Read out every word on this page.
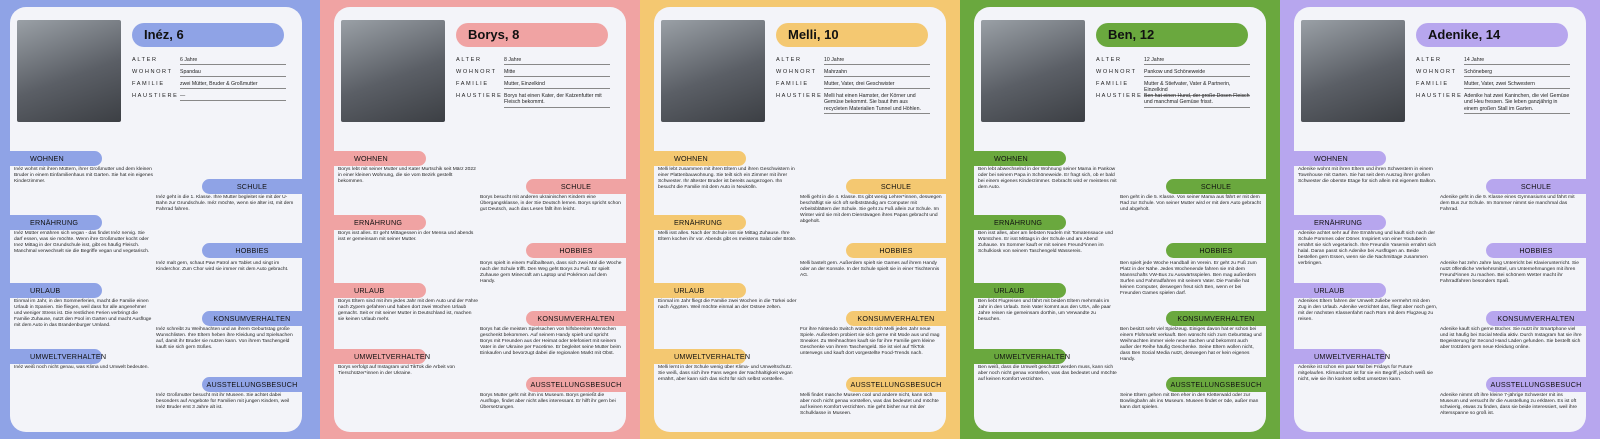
Inéz, 6
ALTER	6 Jahre
WOHNORT	Spandau
FAMILIE	zwei Mütter, Bruder & Großmutter
HAUSTIERE —
WOHNEN
Inéz wohnt mit ihren Müttern, ihrer Großmutter und dem kleinen Bruder in einem Einfamilienhaus mit Garten. Sie hat ein eigenes Kinderzimmer.
SCHULE
Inéz geht in die 1. Klasse. Ihre Mutter begleitet sie mit der U-Bahn zur Grundschule. Inéz möchte, wenn sie älter ist, mit dem Fahrrad fahren.
ERNÄHRUNG
Inéz Mütter ernähren sich vegan - das findet Inéz nervig. Sie darf essen, was sie möchte. Wenn ihre Großmutter kocht oder Inez Mittag in der Grundschule isst, gibt es häufig Fleisch. Manchmal verwechselt sie die Begriffe vegan und vegetarisch.	HOBBIES
Inéz malt gern, schaut Paw Patrol am Tablet und singt im Kinderchor. Zum Chor wird sie immer mit dem Auto gebracht.
URLAUB
Einmal im Jahr, in den Sommerferien, macht die Familie einen Urlaub in Spanien. Sie fliegen, weil dass für alle angenehmer und weniger Stress ist. Die restlichen Ferien verbringt die Familie Zuhause, nutzt den Pool im Garten und macht Ausflüge mit dem Auto in das Brandenburger Umland.
KONSUMVERHALTEN
Inéz schreibt zu Weihnachten und an ihrem Geburtstag große Wunschlisten. Ihre Eltern heben ihre Kleidung und Spielsachen auf, damit ihr Bruder sie nutzen kann. Von ihrem Taschengeld kauft sie sich gern Süßes.
UMWELTVERHALTEN
Inéz weiß noch nicht genau, was Klima und Umwelt bedeuten.
AUSSTELLUNGSBESUCH
Inéz Großmutter besucht mit ihr Museen. Sie achtet dabei besonders auf Angebote für Familien mit jungen Kindern, weil Inéz Bruder erst 3 Jahre alt ist.
Borys, 8
ALTER	8 Jahre
WOHNORT	Mitte
FAMILIE	Mutter, Einzelkind
HAUSTIERE Borys hat einen Kater, der Katzenfutter mit Fleisch bekommt.
WOHNEN
Borys lebt mit seiner Mutter und Kater Murtschik seit März 2022 in einer kleinen Wohnung, die sie vom Bezirk gestellt bekommen.
SCHULE
Borys besucht mit anderen ukrainischen Kindern eine Übergangsklasse, in der Sie Deutsch lernen. Borys spricht schon gut Deutsch, auch das Lesen fällt ihm leicht.
ERNÄHRUNG
Borys isst alles. Er geht Mittagessen in der Mensa und abends isst er gemeinsam mit seiner Mutter.
HOBBIES
Borys spielt in einem Fußballteam, dass sich zwei Mal die Woche nach der Schule trifft. Den Weg geht Borys zu Fuß. Er spielt Zuhause gern Minecraft am Laptop und Pokémon auf dem Handy.
URLAUB
Borys Eltern sind mit ihm jedes Jahr mit dem Auto und der Fähre nach Zypern gefahren und haben dort zwei Wochen Urlaub gemacht. Seit er mit seiner Mutter in Deutschland ist, machen sie keinen Urlaub mehr.	KONSUMVERHALTEN
Borys hat die meisten Spielsachen von hilfsbereiten Menschen geschenkt bekommen. Auf seinem Handy spielt und spricht Borys mit Freunden aus der Heimat oder telefoniert mit seinem Vater in der Ukraine per Facetime. Er begleitet seine Mutter beim Einkaufen und bevorzugt dabei die regionalen Markt mit Obst.
UMWELTVERHALTEN
Borys verfolgt auf Instagram und TikTok die Arbeit von Tierschützer*innen in der Ukraine.
AUSSTELLUNGSBESUCH
Borys Mutter geht mit ihm ins Museum. Borys genießt die Ausflüge, findet aber nicht alles interessant. Er hilft ihr gern bei Übersetzungen.
Melli, 10
ALTER	10 Jahre
WOHNORT	Mahrzahn
FAMILIE	Mutter, Vater, drei Geschwister
HAUSTIERE Melli hat einen Hamster, der Körner und Gemüse bekommt. Sie baut ihm aus recycleten Materialien Tunnel und Höhlen.
WOHNEN
Melli lebt zusammen mit ihren Eltern und ihren Geschwistern in einer Plattenbauwohnung. Sie teilt sich ein Zimmer mit ihrer Schwester. Ihr ältester Bruder ist bereits ausgezogen. Ihn besucht die Familie mit dem Auto in Neukölln.	SCHULE
Melli geht in die 4. Klasse. Es gibt wenig Lehrer*innen, deswegen beschäftigt sie sich oft selbstständig am Computer mit Arbeitsblättern der Schule. Sie geht zu Fuß allein zur Schule. Im Winter wird sie mit dem Dienstwagen ihres Papas gebracht und abgeholt.
ERNÄHRUNG
Melli isst alles. Nach der Schule isst sie Mittag Zuhause. Ihre Eltern kochen ihr vor. Abends gibt es meistens Salat oder Brote.
HOBBIES
Melli bastelt gern. Außerdem spielt sie Games auf ihrem Handy oder an der Konsole. In der Schule spielt sie in einer Tischtennis AG.
URLAUB
Einmal im Jahr fliegt die Familie zwei Wochen in die Türkei oder nach Ägypten. Weil möchte einmal an der Ostsee zelten.
KONSUMVERHALTEN
Für ihre Nintendo Switch wünscht sich Melli jedes Jahr neue Spiele. Außerdem probiert sie sich gerne mit Mode aus und mag Sneaker. Zu Weihnachten kauft sie für ihre Familie gern kleine Geschenke von ihrem Taschengeld. Sie ist viel auf TikTok unterwegs und kauft dort vorgestellte Food-Trends nach.
UMWELTVERHALTEN
Melli lernt in der Schule wenig über Klima- und Umweltschutz. Sie weiß, dass sich ihre Fans wegen der Nachhaltigkeit vegan ernährt, aber kann sich das nicht für sich selbst vorstellen.
AUSSTELLUNGSBESUCH
Melli findet manche Museen cool und andere nicht, kann sich aber noch nicht genau vorstellen, was das bedeutet und möchte auf keinen Komfort verzichten. Sie geht bisher nur mit der Schulklasse in Museen.
Ben, 12
ALTER	12 Jahre
WOHNORT	Pankow und Schöneweide
FAMILIE	Mutter & Stiefvater, Vater & Partnerin, Einzelkind
HAUSTIERE Ben hat einen Hund, der große Dosen Fleisch und manchmal Gemüse frisst.
WOHNEN
Ben lebt abwechselnd in der Wohnung seiner Mama in Pankow oder bei seinem Papa in Schöneweide. Er fragt sich, ob er bald bei einem eigenes Kinderzimmer. Gebracht wird er meistens mit dem Auto.	SCHULE
Ben geht in die 5. Klasse. Von seiner Mama aus fährt er mit dem Rad zur Schule. Von seiner Mutter wird er mit dem Auto gebracht und abgeholt.
ERNÄHRUNG
Ben isst alles, aber am liebsten Nudeln mit Tomatensauce und Würstchen. Er isst Mittags in der Schule und am Abend Zuhause. Im Sommer kauft er mit seinen Freund*innen im Schulkiosk von seinem Taschengeld Wassereis.	HOBBIES
Ben spielt jede Woche Handball im Verein. Er geht zu Fuß zum Platz in der Nähe. Jedes Wochenende fahren sie mit dem Mannschafts VW-Bus zu Auswärtsspielen. Ben mag außerdem Surfen und Fahrradfahren mit seinem Vater. Die Familie hat keinen Computer, deswegen freut sich Ben, wenn er bei Freunden Games spielen darf.
URLAUB
Ben liebt Flugreisen und fährt mit beiden Eltern mehrmals im Jahr in den Urlaub. Sein Vater kommt aus den USA, alle paar Jahre reisen sie gemeinsam dorthin, um Verwandte zu besuchen.	KONSUMVERHALTEN
Ben besitzt sehr viel Spielzeug. Einiges davon hat er schon bei einem Flohmarkt verkauft. Ben wünscht sich zum Geburtstag und Weihnachten immer viele neue Sachen und bekommt auch außer der Reihe häufig Geschenke. Seine Eltern wollen nicht, dass Ben Social Media nutzt, deswegen hat er kein eigenes Handy.
UMWELTVERHALTEN
Ben weiß, dass die Umwelt geschützt werden muss, kann sich aber noch nicht genau vorstellen, was das bedeutet und möchte auf keinen Komfort verzichten.
AUSSTELLUNGSBESUCH
Seine Eltern gehen mit Ben eher in den Kletterwald oder zur Bowlingbahn als ins Museum. Museen findet er öde, außer man kann dort spielen.
Adenike, 14
ALTER	14 Jahre
WOHNORT	Schöneberg
FAMILIE	Mutter, Vater, zwei Schwestern
HAUSTIERE Adenike hat zwei Kaninchen, die viel Gemüse und Heu fressen. Sie leben ganzjährig in einem großen Stall im Garten.
WOHNEN
Adenike wohnt mit ihren Eltern und ihren Schwestern in einem Townhouse mit Garten. Sie hat seit dem Auszug ihrer großen Schwester die oberste Etage für sich allein mit eigenem Balkon.
SCHULE
Adenike geht in die 9. Klasse eines Gymnasiums und fährt mit dem Bus zur Schule. Im Sommer nimmt sie manchmal das Fahrrad.
ERNÄHRUNG
Adenike achtet sehr auf ihre Ernährung und kauft sich nach der Schule Pommes oder Döner. Inspiriert von einer Youtuberin ernährt sie sich vegetarisch. Ihre Freundin Yasemin ernährt sich halal. Daran passt sich Adenike bei Ausflügen an. Beide bestellen gern Essen, wenn sie die Nachmittage zusammen verbringen.
HOBBIES
Adenike hat zehn Jahre lang Unterricht bei Klavierunterricht. Sie nutzt öffentliche Verkehrsmittel, um Unternehmungen mit ihren Freund*innen zu machen. Bei schönem Wetter macht ihr Fahrradfahren besonders Spaß.
URLAUB
Adenikes Eltern fahren der Umwelt zuliebe vermehrt mit dem Zug in den Urlaub. Adenike verzichtet das, fliegt aber noch gern, mit der nächsten Klassenfahrt nach Rom mit dem Flugzeug zu reisen.	KONSUMVERHALTEN
Adenike kauft sich gerne Bücher. Sie nutzt ihr Smartphone viel und ist häufig bei Social Media aktiv. Durch Instagram hat sie ihre Begeisterung für Second Hand Läden gefunden. Sie bestellt sich aber trotzdem gern neue Kleidung online.
UMWELTVERHALTEN
Adenike ist schon ein paar Mal bei Fridays for Future mitgelaufen. Klimaschutz ist für sie ein Begriff, jedoch weiß sie nicht, wie sie ihn konkret selbst umsetzen kann.
AUSSTELLUNGSBESUCH
Adenike nimmt oft ihre kleine 7-jährige Schwester mit ins Museum und versucht ihr die Ausstellung zu erklären. Es ist oft schwierig, etwas zu finden, dass sie beide interessiert, weil ihre Altersspanne so groß ist.
